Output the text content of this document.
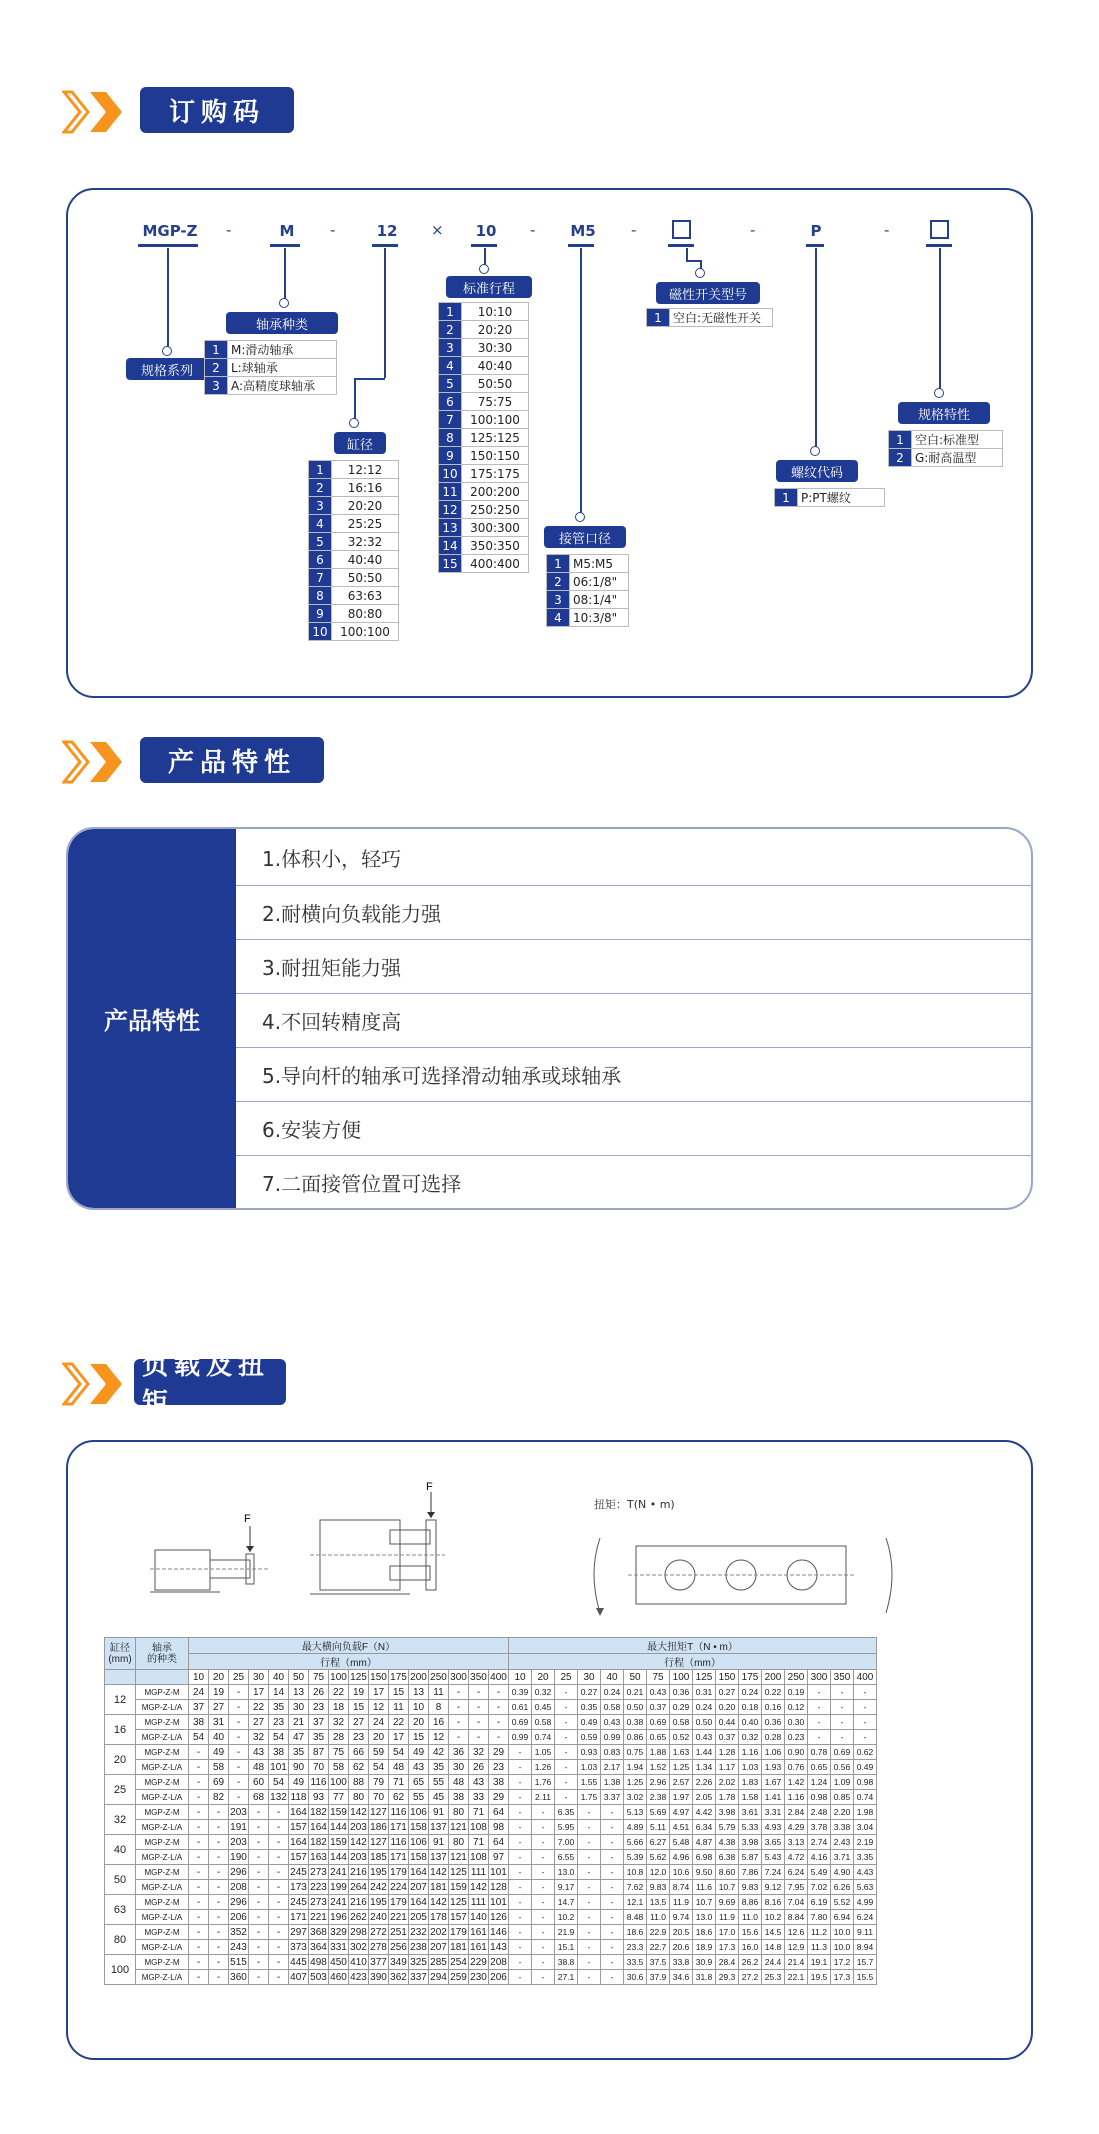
订购码
MGP-Z -	M	-	12 × 10 - M5 -	-	P	-
规格系列
轴承种类
1	M:滑动轴承
2	L:球轴承
3	A:高精度球轴承
缸径
1	12:12
2	16:16
3	20:20
4	25:25
5	32:32
6	40:40
7	50:50
8	63:63
9	80:80
10	100:100
标准行程
1	10:10
2	20:20
3	30:30
4	40:40
5	50:50
6	75:75
7	100:100
8	125:125
9	150:150
10	175:175
11	200:200
12	250:250
13	300:300
14	350:350
15	400:400
接管口径
1	M5:M5
2	06:1/8"
3	08:1/4"
4	10:3/8"
磁性开关型号
1	空白:无磁性开关
螺纹代码
1	P:PT螺纹
规格特性
1	空白:标准型
2	G:耐高温型
产品特性
产品特性
1.体积小，轻巧
2.耐横向负载能力强
3.耐扭矩能力强
4.不回转精度高
5.导向杆的轴承可选择滑动轴承或球轴承
6.安装方便
7.二面接管位置可选择
负载及扭矩
F
F
扭矩：T(N • m)
缸径
(mm)	轴承
的种类	最大横向负载F（N）																最大扭矩T（N • m）															
		行程（mm）																行程（mm）															
		10	20	25	30	40	50	75	100	125	150	175	200	250	300	350	400	10	20	25	30	40	50	75	100	125	150	175	200	250	300	350	400
12	MGP-Z-M	24	19	-	17	14	13	26	22	19	17	15	13	11	-	-	-	0.39	0.32	-	0.27	0.24	0.21	0.43	0.36	0.31	0.27	0.24	0.22	0.19	-	-	-
	MGP-Z-L/A	37	27	-	22	35	30	23	18	15	12	11	10	8	-	-	-	0.61	0.45	-	0.35	0.58	0.50	0.37	0.29	0.24	0.20	0.18	0.16	0.12	-	-	-
16	MGP-Z-M	38	31	-	27	23	21	37	32	27	24	22	20	16	-	-	-	0.69	0.58	-	0.49	0.43	0.38	0.69	0.58	0.50	0.44	0.40	0.36	0.30	-	-	-
	MGP-Z-L/A	54	40	-	32	54	47	35	28	23	20	17	15	12	-	-	-	0.99	0.74	-	0.59	0.99	0.86	0.65	0.52	0.43	0.37	0.32	0.28	0.23	-	-	-
20	MGP-Z-M	-	49	-	43	38	35	87	75	66	59	54	49	42	36	32	29	-	1.05	-	0.93	0.83	0.75	1.88	1.63	1.44	1.28	1.16	1.06	0.90	0.78	0.69	0.62
	MGP-Z-L/A	-	58	-	48	101	90	70	58	62	54	48	43	35	30	26	23	-	1.26	-	1.03	2.17	1.94	1.52	1.25	1.34	1.17	1.03	1.93	0.76	0.65	0.56	0.49
25	MGP-Z-M	-	69	-	60	54	49	116	100	88	79	71	65	55	48	43	38	-	1.76	-	1.55	1.38	1.25	2.96	2.57	2.26	2.02	1.83	1.67	1.42	1.24	1.09	0.98
	MGP-Z-L/A	-	82	-	68	132	118	93	77	80	70	62	55	45	38	33	29	-	2.11	-	1.75	3.37	3.02	2.38	1.97	2.05	1.78	1.58	1.41	1.16	0.98	0.85	0.74
32	MGP-Z-M	-	-	203	-	-	164	182	159	142	127	116	106	91	80	71	64	-	-	6.35	-	-	5.13	5.69	4.97	4.42	3.98	3.61	3.31	2.84	2.48	2.20	1.98
	MGP-Z-L/A	-	-	191	-	-	157	164	144	203	186	171	158	137	121	108	98	-	-	5.95	-	-	4.89	5.11	4.51	6.34	5.79	5.33	4.93	4.29	3.78	3.38	3.04
40	MGP-Z-M	-	-	203	-	-	164	182	159	142	127	116	106	91	80	71	64	-	-	7.00	-	-	5.66	6.27	5.48	4.87	4.38	3.98	3.65	3.13	2.74	2.43	2.19
	MGP-Z-L/A	-	-	190	-	-	157	163	144	203	185	171	158	137	121	108	97	-	-	6.55	-	-	5.39	5.62	4.96	6.98	6.38	5.87	5.43	4.72	4.16	3.71	3.35
50	MGP-Z-M	-	-	296	-	-	245	273	241	216	195	179	164	142	125	111	101	-	-	13.0	-	-	10.8	12.0	10.6	9.50	8.60	7.86	7.24	6.24	5.49	4.90	4.43
	MGP-Z-L/A	-	-	208	-	-	173	223	199	264	242	224	207	181	159	142	128	-	-	9.17	-	-	7.62	9.83	8.74	11.6	10.7	9.83	9.12	7.95	7.02	6.26	5.63
63	MGP-Z-M	-	-	296	-	-	245	273	241	216	195	179	164	142	125	111	101	-	-	14.7	-	-	12.1	13.5	11.9	10.7	9.69	8.86	8.16	7.04	6.19	5.52	4.99
	MGP-Z-L/A	-	-	206	-	-	171	221	196	262	240	221	205	178	157	140	126	-	-	10.2	-	-	8.48	11.0	9.74	13.0	11.9	11.0	10.2	8.84	7.80	6.94	6.24
80	MGP-Z-M	-	-	352	-	-	297	368	329	298	272	251	232	202	179	161	146	-	-	21.9	-	-	18.6	22.9	20.5	18.6	17.0	15.6	14.5	12.6	11.2	10.0	9.11
	MGP-Z-L/A	-	-	243	-	-	373	364	331	302	278	256	238	207	181	161	143	-	-	15.1	-	-	23.3	22.7	20.6	18.9	17.3	16.0	14.8	12.9	11.3	10.0	8.94
100	MGP-Z-M	-	-	515	-	-	445	498	450	410	377	349	325	285	254	229	208	-	-	38.8	-	-	33.5	37.5	33.8	30.9	28.4	26.2	24.4	21.4	19.1	17.2	15.7
	MGP-Z-L/A	-	-	360	-	-	407	503	460	423	390	362	337	294	259	230	206	-	-	27.1	-	-	30.6	37.9	34.6	31.8	29.3	27.2	25.3	22.1	19.5	17.3	15.5
